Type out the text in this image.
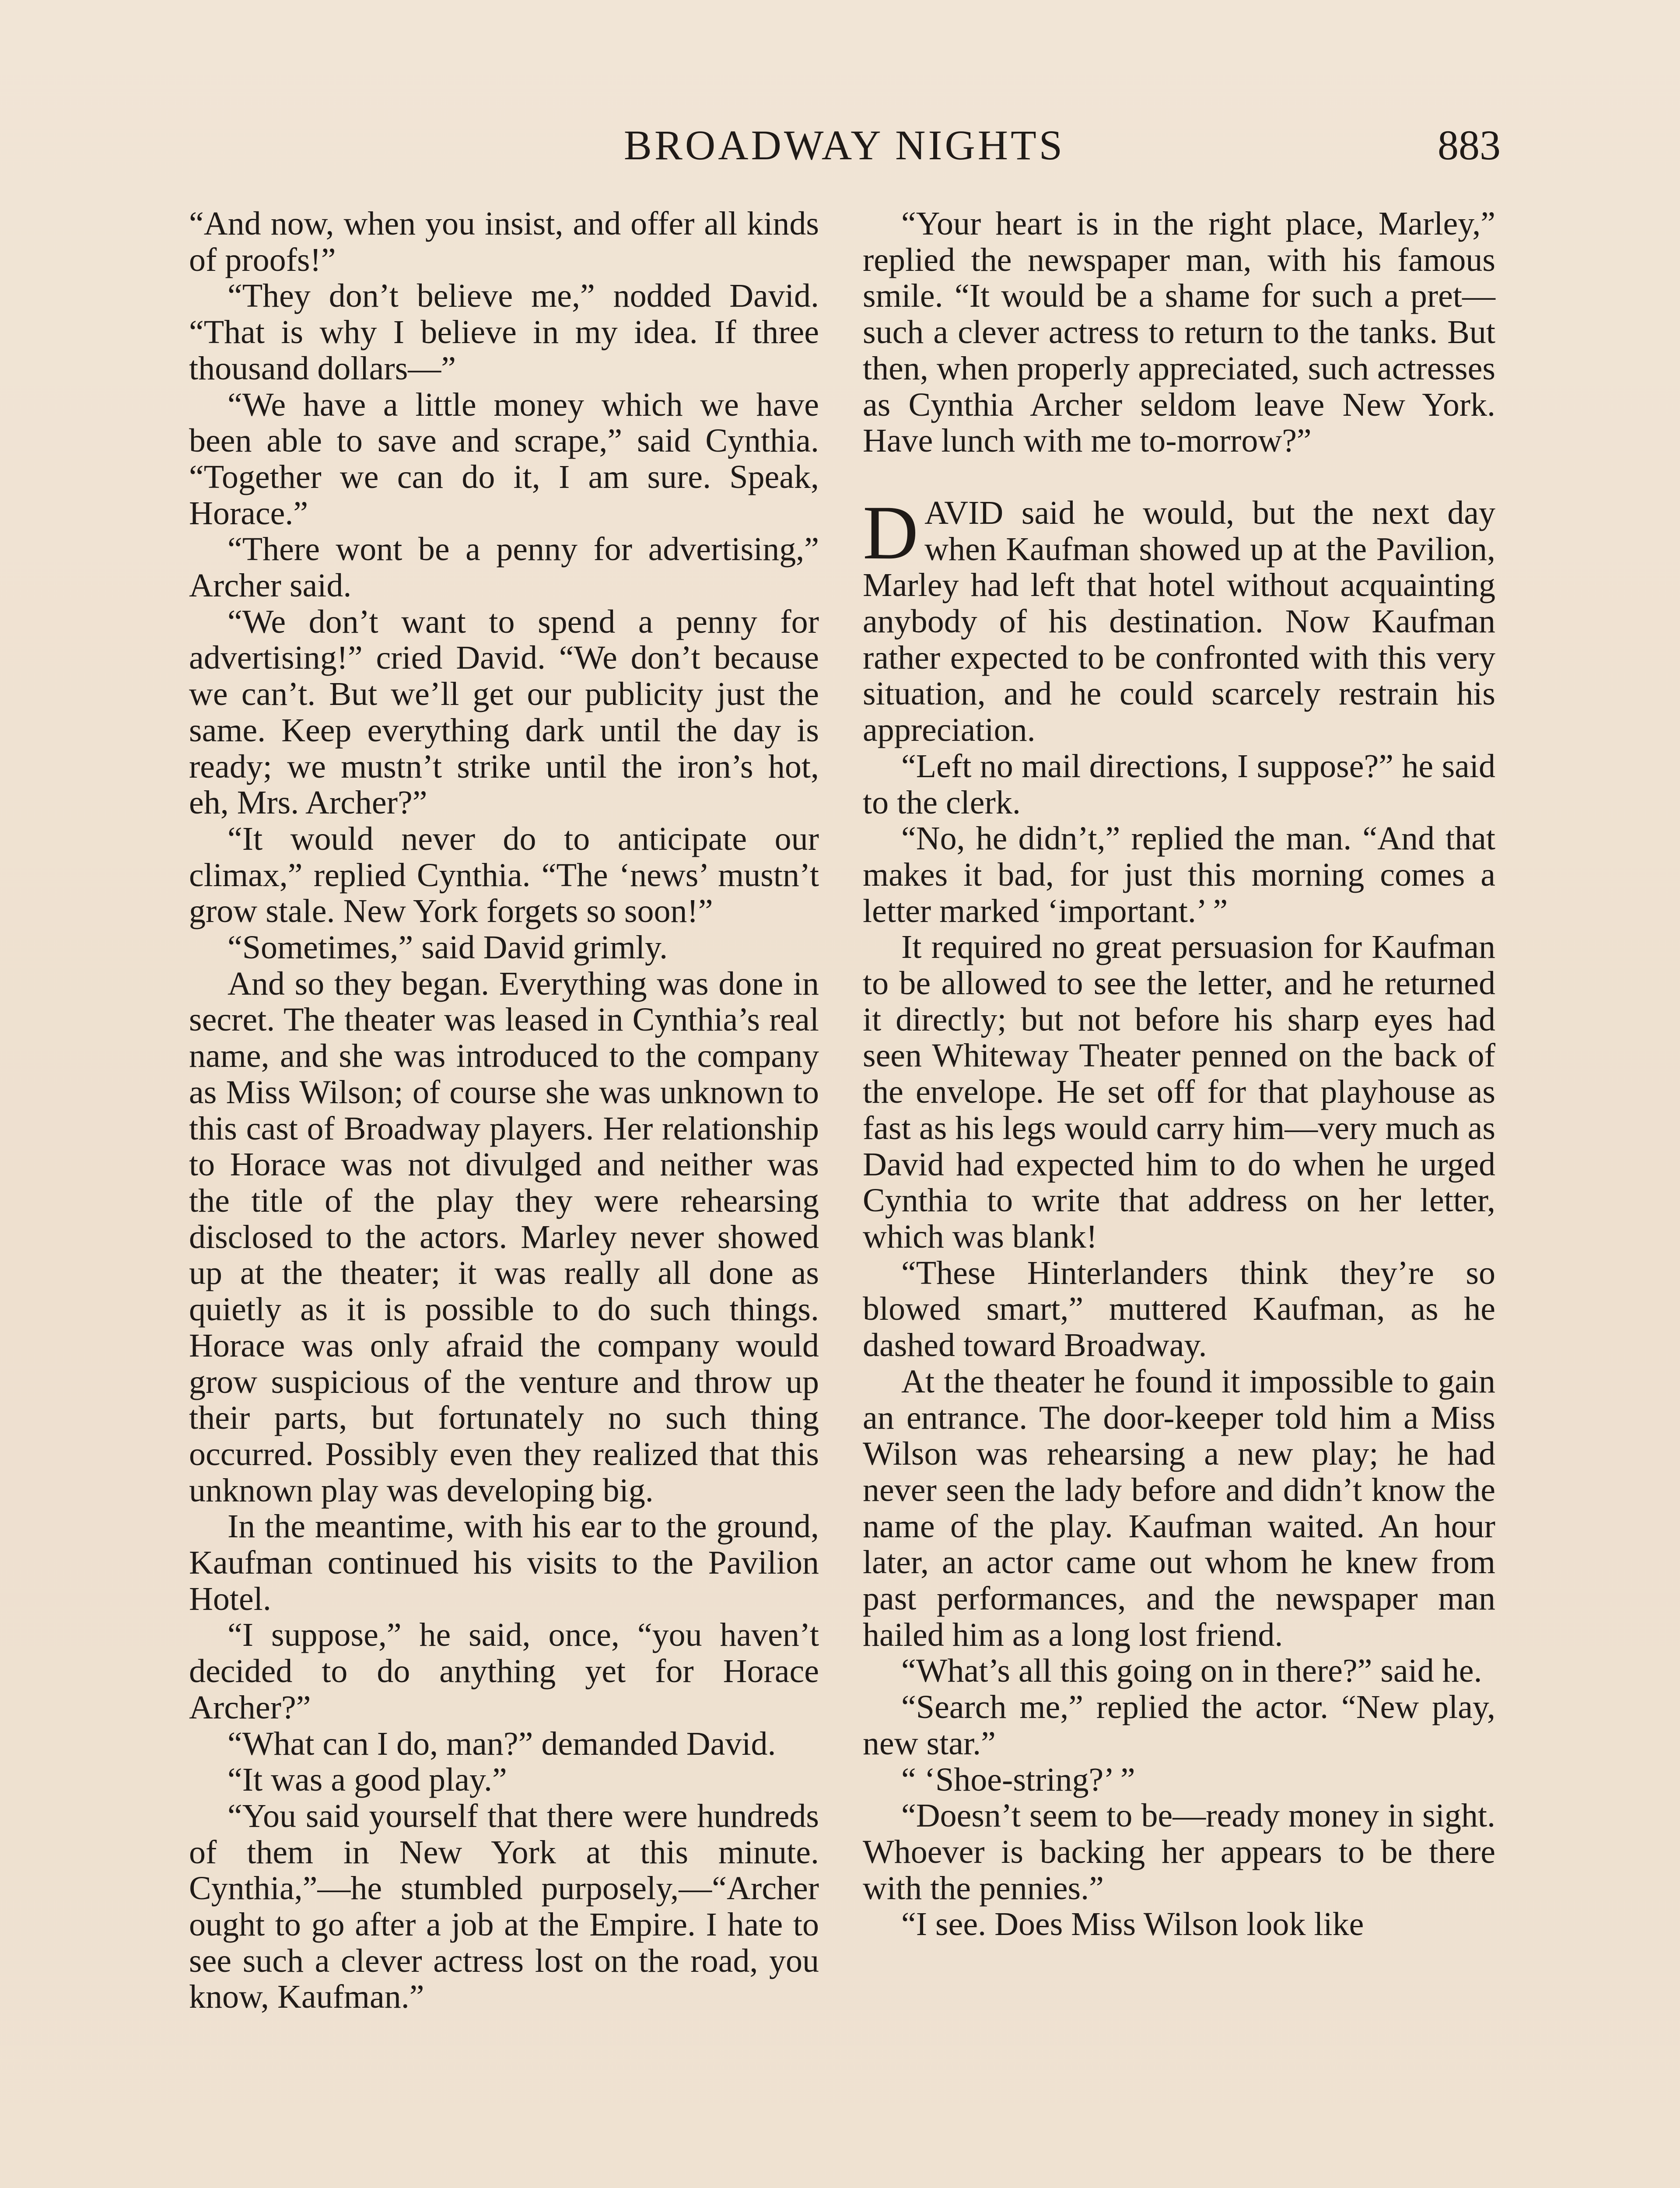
BROADWAY NIGHTS	883

“And now, when you insist, and offer all kinds of proofs!”

“They don’t believe me,” nodded David. “That is why I believe in my idea. If three thousand dollars—”

“We have a little money which we have been able to save and scrape,” said Cynthia. “Together we can do it, I am sure. Speak, Horace.”

“There wont be a penny for advertising,” Archer said.

“We don’t want to spend a penny for advertising!” cried David. “We don’t because we can’t. But we’ll get our publicity just the same. Keep everything dark until the day is ready; we mustn’t strike until the iron’s hot, eh, Mrs. Archer?”

“It would never do to anticipate our climax,” replied Cynthia. “The ‘news’ mustn’t grow stale. New York forgets so soon!”

“Sometimes,” said David grimly.

And so they began. Everything was done in secret. The theater was leased in Cynthia’s real name, and she was introduced to the company as Miss Wilson; of course she was unknown to this cast of Broadway players. Her relationship to Horace was not divulged and neither was the title of the play they were rehearsing disclosed to the actors. Marley never showed up at the theater; it was really all done as quietly as it is possible to do such things. Horace was only afraid the company would grow suspicious of the venture and throw up their parts, but fortunately no such thing occurred. Possibly even they realized that this unknown play was developing big.

In the meantime, with his ear to the ground, Kaufman continued his visits to the Pavilion Hotel.

“I suppose,” he said, once, “you haven’t decided to do anything yet for Horace Archer?”

“What can I do, man?” demanded David.

“It was a good play.”

“You said yourself that there were hundreds of them in New York at this minute. Cynthia,”—he stumbled purposely,—“Archer ought to go after a job at the Empire. I hate to see such a clever actress lost on the road, you know, Kaufman.”

“Your heart is in the right place, Marley,” replied the newspaper man, with his famous smile. “It would be a shame for such a pret—such a clever actress to return to the tanks. But then, when properly appreciated, such actresses as Cynthia Archer seldom leave New York. Have lunch with me to-morrow?”

DAVID said he would, but the next day when Kaufman showed up at the Pavilion, Marley had left that hotel without acquainting anybody of his destination. Now Kaufman rather expected to be confronted with this very situation, and he could scarcely restrain his appreciation.

“Left no mail directions, I suppose?” he said to the clerk.

“No, he didn’t,” replied the man. “And that makes it bad, for just this morning comes a letter marked ‘important.’ ”

It required no great persuasion for Kaufman to be allowed to see the letter, and he returned it directly; but not before his sharp eyes had seen Whiteway Theater penned on the back of the envelope. He set off for that playhouse as fast as his legs would carry him—very much as David had expected him to do when he urged Cynthia to write that address on her letter, which was blank!

“These Hinterlanders think they’re so blowed smart,” muttered Kaufman, as he dashed toward Broadway.

At the theater he found it impossible to gain an entrance. The door-keeper told him a Miss Wilson was rehearsing a new play; he had never seen the lady before and didn’t know the name of the play. Kaufman waited. An hour later, an actor came out whom he knew from past performances, and the newspaper man hailed him as a long lost friend.

“What’s all this going on in there?” said he.

“Search me,” replied the actor. “New play, new star.”

“ ‘Shoe-string?’ ”

“Doesn’t seem to be—ready money in sight. Whoever is backing her appears to be there with the pennies.”

“I see. Does Miss Wilson look like
